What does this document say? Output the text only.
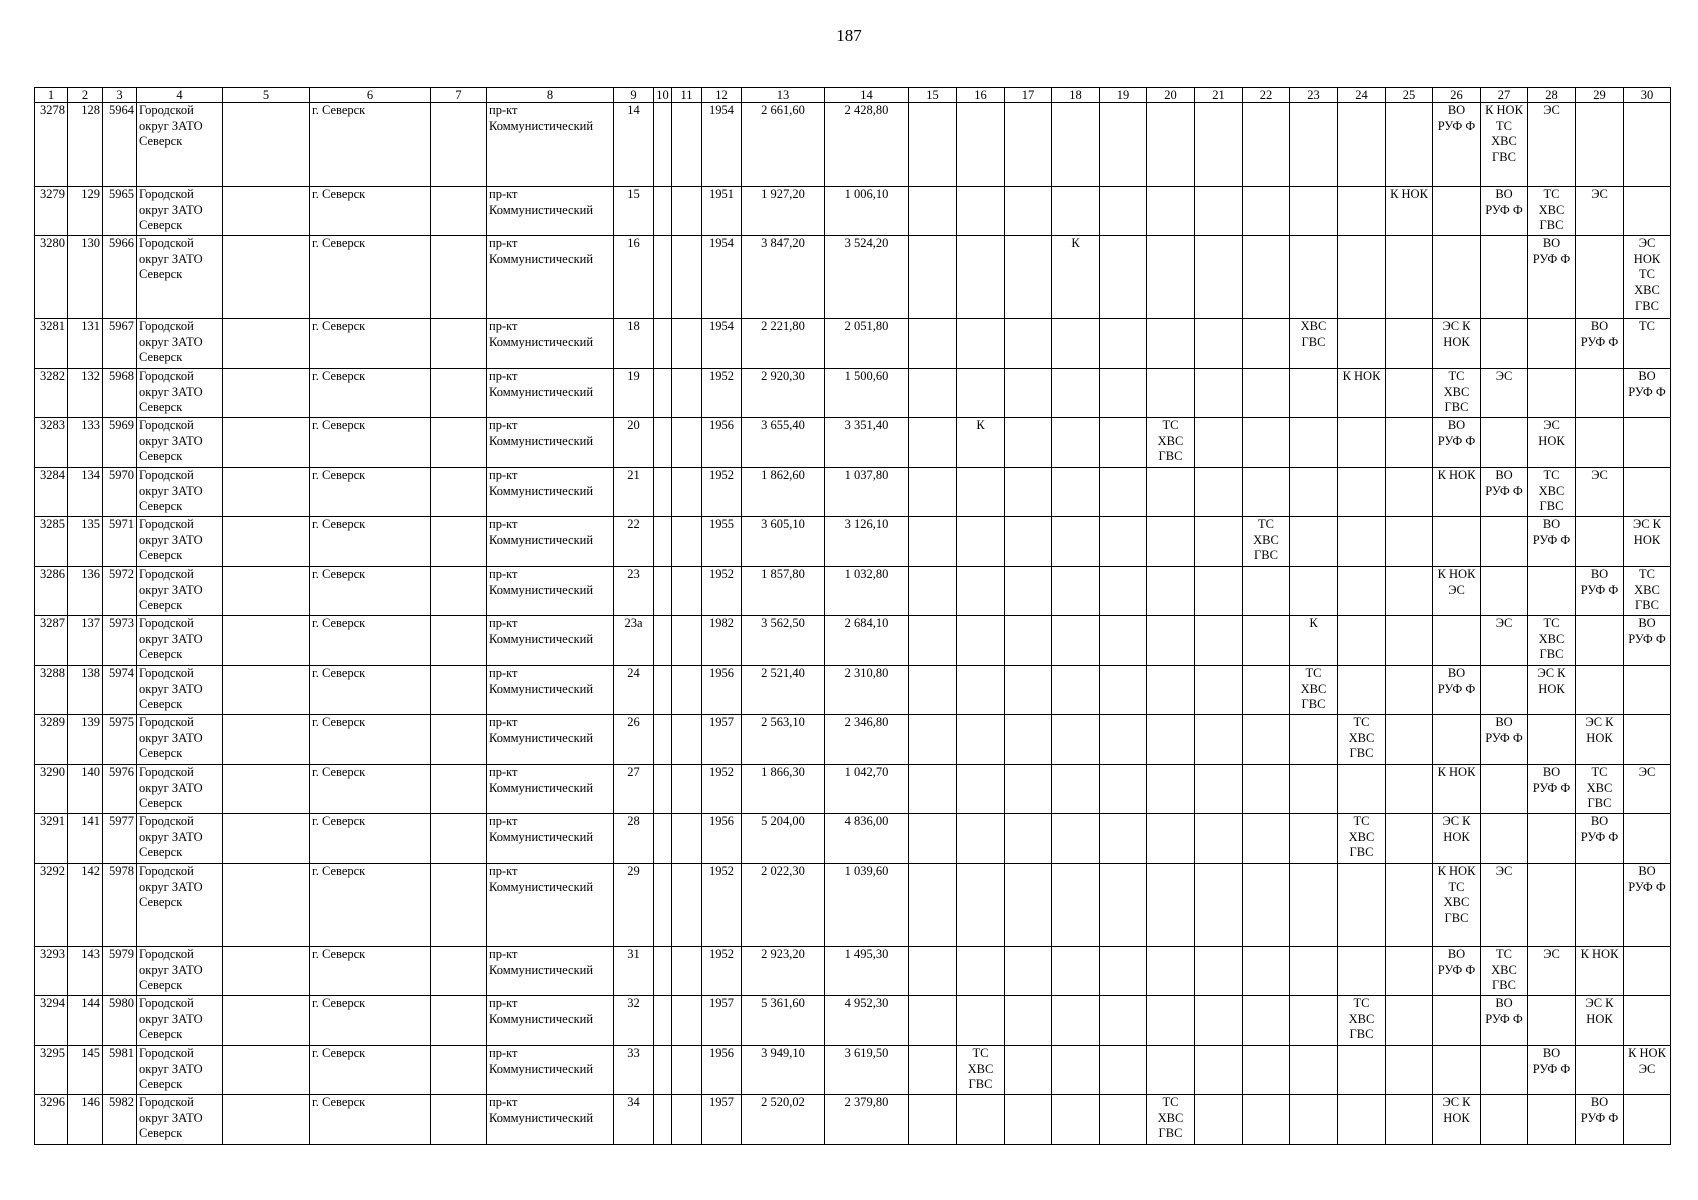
187
1	2	3	4	5	6	7	8	9	10	11	12	13	14	15	16	17	18	19	20	21	22	23	24	25	26	27	28	29	30
3278	128	5964	Городской округ ЗАТО Северск		г. Северск		пр-кт Коммунистический	14			1954	2 661,60	2 428,80												ВО РУФ Ф	К НОК ТС ХВС ГВС	ЭС		
3279	129	5965	Городской округ ЗАТО Северск		г. Северск		пр-кт Коммунистический	15			1951	1 927,20	1 006,10											К НОК		ВО РУФ Ф	ТС ХВС ГВС	ЭС	
3280	130	5966	Городской округ ЗАТО Северск		г. Северск		пр-кт Коммунистический	16			1954	3 847,20	3 524,20				К										ВО РУФ Ф		ЭС НОК ТС ХВС ГВС
3281	131	5967	Городской округ ЗАТО Северск		г. Северск		пр-кт Коммунистический	18			1954	2 221,80	2 051,80									ХВС ГВС			ЭС К НОК			ВО РУФ Ф	ТС
3282	132	5968	Городской округ ЗАТО Северск		г. Северск		пр-кт Коммунистический	19			1952	2 920,30	1 500,60										К НОК		ТС ХВС ГВС	ЭС			ВО РУФ Ф
3283	133	5969	Городской округ ЗАТО Северск		г. Северск		пр-кт Коммунистический	20			1956	3 655,40	3 351,40		К				ТС ХВС ГВС						ВО РУФ Ф		ЭС НОК		
3284	134	5970	Городской округ ЗАТО Северск		г. Северск		пр-кт Коммунистический	21			1952	1 862,60	1 037,80												К НОК	ВО РУФ Ф	ТС ХВС ГВС	ЭС	
3285	135	5971	Городской округ ЗАТО Северск		г. Северск		пр-кт Коммунистический	22			1955	3 605,10	3 126,10								ТС ХВС ГВС						ВО РУФ Ф		ЭС К НОК
3286	136	5972	Городской округ ЗАТО Северск		г. Северск		пр-кт Коммунистический	23			1952	1 857,80	1 032,80												К НОК ЭС			ВО РУФ Ф	ТС ХВС ГВС
3287	137	5973	Городской округ ЗАТО Северск		г. Северск		пр-кт Коммунистический	23а			1982	3 562,50	2 684,10									К				ЭС	ТС ХВС ГВС		ВО РУФ Ф
3288	138	5974	Городской округ ЗАТО Северск		г. Северск		пр-кт Коммунистический	24			1956	2 521,40	2 310,80									ТС ХВС ГВС			ВО РУФ Ф		ЭС К НОК		
3289	139	5975	Городской округ ЗАТО Северск		г. Северск		пр-кт Коммунистический	26			1957	2 563,10	2 346,80										ТС ХВС ГВС			ВО РУФ Ф		ЭС К НОК	
3290	140	5976	Городской округ ЗАТО Северск		г. Северск		пр-кт Коммунистический	27			1952	1 866,30	1 042,70												К НОК		ВО РУФ Ф	ТС ХВС ГВС	ЭС
3291	141	5977	Городской округ ЗАТО Северск		г. Северск		пр-кт Коммунистический	28			1956	5 204,00	4 836,00										ТС ХВС ГВС		ЭС К НОК			ВО РУФ Ф	
3292	142	5978	Городской округ ЗАТО Северск		г. Северск		пр-кт Коммунистический	29			1952	2 022,30	1 039,60												К НОК ТС ХВС ГВС	ЭС			ВО РУФ Ф
3293	143	5979	Городской округ ЗАТО Северск		г. Северск		пр-кт Коммунистический	31			1952	2 923,20	1 495,30												ВО РУФ Ф	ТС ХВС ГВС	ЭС	К НОК	
3294	144	5980	Городской округ ЗАТО Северск		г. Северск		пр-кт Коммунистический	32			1957	5 361,60	4 952,30										ТС ХВС ГВС			ВО РУФ Ф		ЭС К НОК	
3295	145	5981	Городской округ ЗАТО Северск		г. Северск		пр-кт Коммунистический	33			1956	3 949,10	3 619,50		ТС ХВС ГВС												ВО РУФ Ф		К НОК ЭС
3296	146	5982	Городской округ ЗАТО Северск		г. Северск		пр-кт Коммунистический	34			1957	2 520,02	2 379,80						ТС ХВС ГВС						ЭС К НОК			ВО РУФ Ф	
